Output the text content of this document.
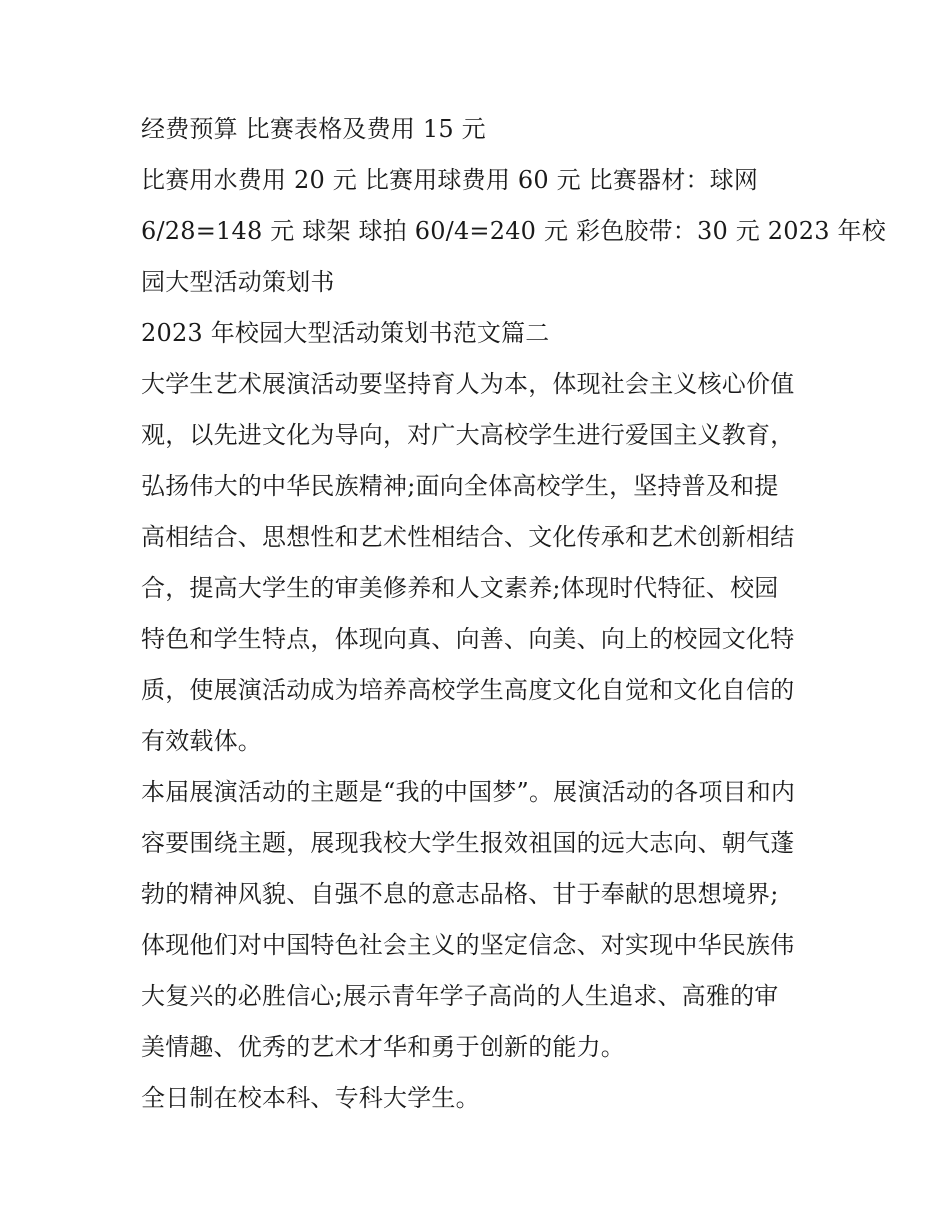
经费预算 比赛表格及费用 15 元
比赛用水费用 20 元 比赛用球费用 60 元 比赛器材：球网
6/28=148 元 球架 球拍 60/4=240 元 彩色胶带：30 元 2023 年校
园大型活动策划书
2023 年校园大型活动策划书范文篇二
大学生艺术展演活动要坚持育人为本，体现社会主义核心价值
观，以先进文化为导向，对广大高校学生进行爱国主义教育，
弘扬伟大的中华民族精神;面向全体高校学生，坚持普及和提
高相结合、思想性和艺术性相结合、文化传承和艺术创新相结
合，提高大学生的审美修养和人文素养;体现时代特征、校园
特色和学生特点，体现向真、向善、向美、向上的校园文化特
质，使展演活动成为培养高校学生高度文化自觉和文化自信的
有效载体。
本届展演活动的主题是“我的中国梦”。展演活动的各项目和内
容要围绕主题，展现我校大学生报效祖国的远大志向、朝气蓬
勃的精神风貌、自强不息的意志品格、甘于奉献的思想境界;
体现他们对中国特色社会主义的坚定信念、对实现中华民族伟
大复兴的必胜信心;展示青年学子高尚的人生追求、高雅的审
美情趣、优秀的艺术才华和勇于创新的能力。
全日制在校本科、专科大学生。
